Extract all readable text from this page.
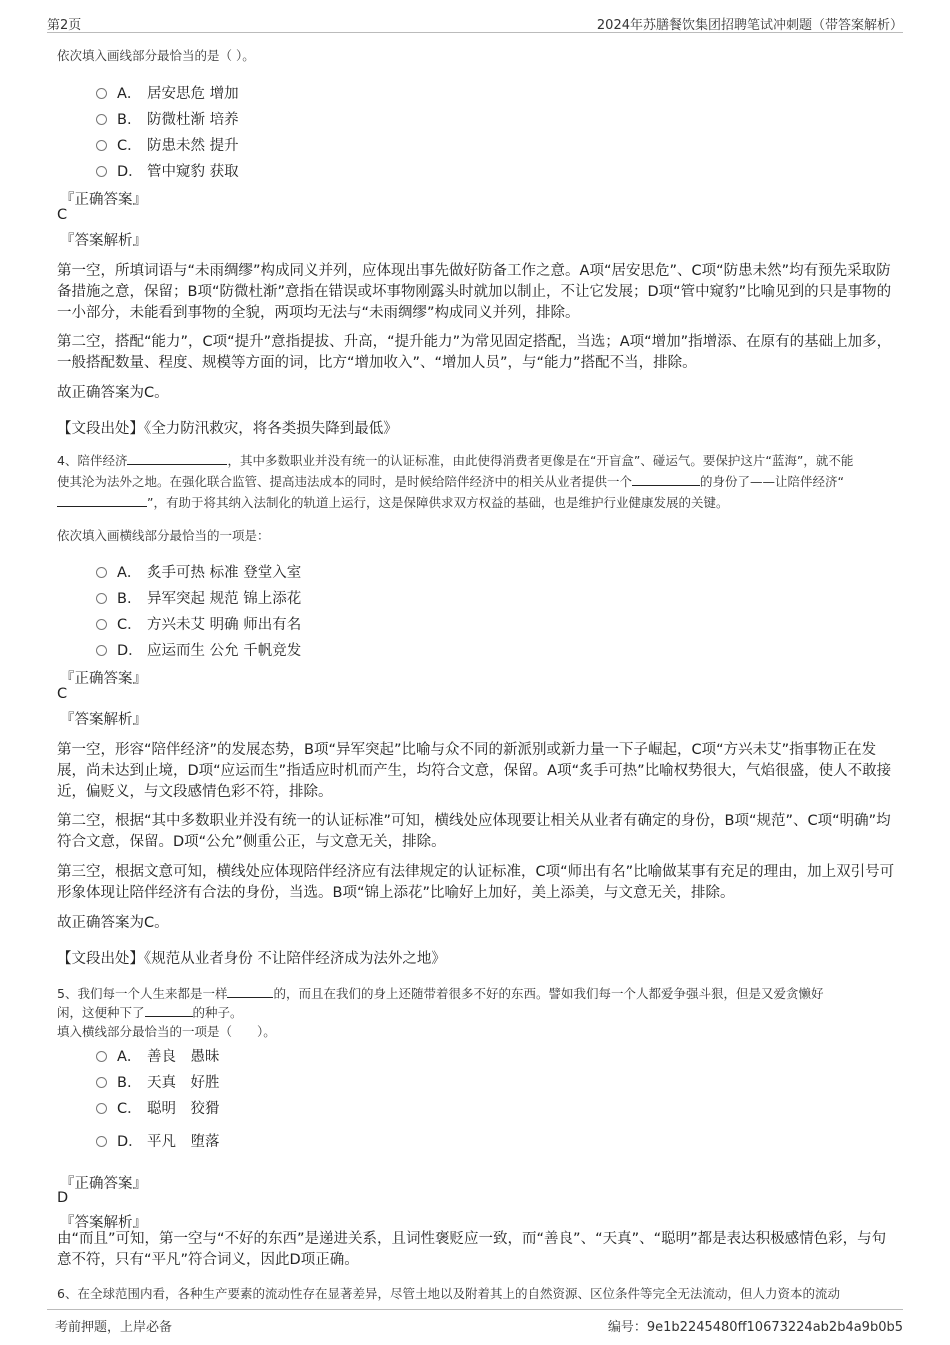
第2页	2024年苏膳餐饮集团招聘笔试冲刺题（带答案解析）
依次填入画线部分最恰当的是（ ）。
A． 居安思危 增加
B. 防微杜渐 培养
C． 防患未然 提升
D． 管中窥豹 获取
『正确答案』
C
『答案解析』
第一空，所填词语与“未雨绸缪”构成同义并列，应体现出事先做好防备工作之意。A项“居安思危”、C项“防患未然”均有预先采取防备措施之意，保留；B项“防微杜渐”意指在错误或坏事物刚露头时就加以制止，不让它发展；D项“管中窥豹”比喻见到的只是事物的一小部分，未能看到事物的全貌，两项均无法与“未雨绸缪”构成同义并列，排除。
第二空，搭配“能力”，C项“提升”意指提拔、升高，“提升能力”为常见固定搭配，当选；A项“增加”指增添、在原有的基础上加多，一般搭配数量、程度、规模等方面的词，比方“增加收入”、“增加人员”，与“能力”搭配不当，排除。
故正确答案为C。
【文段出处】《全力防汛救灾，将各类损失降到最低》
4、陪伴经济	，其中多数职业并没有统一的认证标准，由此使得消费者更像是在“开盲盒”、碰运气。要保护这片“蓝海”，就不能
使其沦为法外之地。在强化联合监管、提高违法成本的同时，是时候给陪伴经济中的相关从业者提供一个	的身份了——让陪伴经济“
”，有助于将其纳入法制化的轨道上运行，这是保障供求双方权益的基础，也是维护行业健康发展的关键。
依次填入画横线部分最恰当的一项是：
A． 炙手可热 标准 登堂入室
B. 异军突起 规范 锦上添花
C． 方兴未艾 明确 师出有名
D． 应运而生 公允 千帆竞发
『正确答案』
C
『答案解析』
第一空，形容“陪伴经济”的发展态势，B项“异军突起”比喻与众不同的新派别或新力量一下子崛起，C项“方兴未艾”指事物正在发展，尚未达到止境，D项“应运而生”指适应时机而产生，均符合文意，保留。A项“炙手可热”比喻权势很大，气焰很盛，使人不敢接近，偏贬义，与文段感情色彩不符，排除。
第二空，根据“其中多数职业并没有统一的认证标准”可知，横线处应体现要让相关从业者有确定的身份，B项“规范”、C项“明确”均符合文意，保留。D项“公允”侧重公正，与文意无关，排除。
第三空，根据文意可知，横线处应体现陪伴经济应有法律规定的认证标准，C项“师出有名”比喻做某事有充足的理由，加上双引号可形象体现让陪伴经济有合法的身份，当选。B项“锦上添花”比喻好上加好，美上添美，与文意无关，排除。
故正确答案为C。
【文段出处】《规范从业者身份 不让陪伴经济成为法外之地》
5、我们每一个人生来都是一样	的，而且在我们的身上还随带着很多不好的东西。譬如我们每一个人都爱争强斗狠，但是又爱贪懒好
闲，这便种下了	的种子。
填入横线部分最恰当的一项是（　　）。
A． 善良　愚昧
B. 天真　好胜
C． 聪明　狡猾
D． 平凡　堕落
『正确答案』
D
『答案解析』
由“而且”可知，第一空与“不好的东西”是递进关系，且词性褒贬应一致，而“善良”、“天真”、“聪明”都是表达积极感情色彩，与句意不符，只有“平凡”符合词义，因此D项正确。
6、在全球范围内看，各种生产要素的流动性存在显著差异，尽管土地以及附着其上的自然资源、区位条件等完全无法流动，但人力资本的流动
考前押题，上岸必备	编号：9e1b2245480ff10673224ab2b4a9b0b5
